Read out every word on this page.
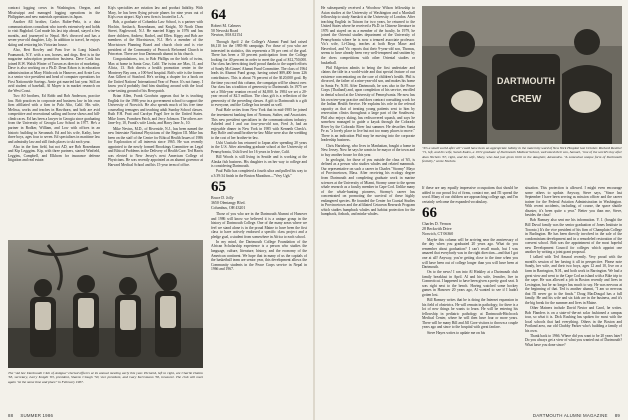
contract logging crews in Washington, Oregon, and Mississippi and managed logging operations in the Philippines and new materials operations in Japan.

Another All brother, Carlos Balter-Peña, is a data communications consultant who travels extensively and holds to visit Baghdad. Carl made his last trip abroad, stayed a few months, and journeyed to Nepal. He's divorced and has a seven-year-old daughter, Lily. In addition to travel, he enjoys skiing and restoring his Victorian house.

Also, Bert Rowley and Pam live in Long Island's Paumanok, N.Y. with a son, horses, and dogs. Bert is in the magazine subscription promotion business. Dave Cook has joined R.W. Walsh Winter of Tucson as director of marketing. Dave is also working on a Ph.D. Dean Edson is in education administration at Mary Hitchcock in Hanover, and Arnie Low is a senior vice president and head of computer operations for First Nationwide Savings. Arnie got married last year. Still an avid student of baseball, Al Mayer is in market research on the West Coast.

Two A0 brothers, Ed Robb and Bob Anderson, practice law. Bob practices in corporate and business law in his own firm affiliated with a firm in Palo Alto, Calif. His wife, Melissa, works and teaches in Hawthorn, and both are avid competitive and recreational sailing and horse shows and hill-climb races. Ed has been a lawyer in Georgia since graduating from the University of Georgia Law School in 1977. He's a partner in Bodker, William, and Low with offices in an historic building in Savannah. Ed and his wife, Kathy, have three boys, ages four to seven. Ed specializes in maritime law and admiralty law and still finds places to ski each year.

Also in the firm field, but not AD, are Bob Rosenbaum and Kip Legggins. Kip, with three partners, started Winfield, Leggins, Campbell, and Elkhorn for insurance defense litigation and real estate.

Kip's specialties are aviation law and product liability. With Mary, he has been flying private planes for nine years out of Kip's own airport. Kip's new firm is located in L.A.

Bob, a graduate of Columbia Law School, is a partner with Hochin, Ansbach, Rosenbaum, and Knight, 50 North Dean Street, Englewood, N.J. He married Kippy in 1976 and has three children, Andrew, Rachel, and Ellen. Kippy and Bob are members of the Morristown, N.J. He's a member of the Morristown Planning Board and church choir and is vice president of the Community of Peacock Reformed Church in Princeton. There are four Dartmouth alumni in his church.

Congratulations, too, to Bob Phillips on the birth of twins, Max at home in Santa Cruz, Calif. The twins are Max, 11, and Alicia, 13. Bob directs a health promotion center in the Monterey Bay area, a 100-bed hospital. Bob's wife is the former Ann Gilbert of Stanford. He's writing a chapter for a book on the United Nations' International Year of Peace. It's not funny. I know you'd probably find him shuttling around with the local wine-tasting ground of his Berrypatch.

Brian Allen, Frank Goodwin appears that he is teaching English for the 1986 year in a government school to support the University of Norwich. He also spends much of his free time counseling teenagers and teaching adult Sunday School classes. Ruth F.H. Pratt and Carolyn Fogel live in the United States. Mike Jones, Frandsen Patch, and Jerry Johnson. The others are: Jane-Ivy, 10, Frank's wife Linda, and Harry Jane Jr., 10.

Mike Nevins, M.D., of Riverside, N.J., has been named the new Interstate National Physicians of the Region III. Mike has been on the staff of the Centre for Ethical Health Issues of 1986 for Exploration of all interests since 1965. He was recently appointed to the newly formed Brookings Committee on Legal and Ethical Problems in the Delivery of Health Care. Ted Harris was elected to New Jersey's next American College of Physicians. He was recently appointed as an alumni governor at Harvard Medical School and his 15-year term of office.

The "Ad hoc Dartmouth Club of Antigua" elected officers at its annual meeting early this year. Pictured, left to right, are Charlie Dutton '63, secretary, Larry Knight '63, president, Sharon Clough '50, vice president, and Gary Kerrsmann '58, treasurer. The club will meet again "at the same time and place" in February 1987.
64
Robert M. Calmers
50 Nevoski Road
Newton, MA 02154

Through April 2 the College's Alumni Fund had raised $6,110 for the 1985-86 campaign. For those of you who are interested in statistics, this represents a 56 per cent of the goal. There has been a 30 percent participation from the College looking for 40 percent in order to meet the goal of $12,750,000. Our class has been doing itself proud thanks to the superb efforts of Sandy McGinnes' Alumni Fund Committee. The class of 1964 leads its Alumni Fund group, having raised $89,400 from 226 contributors. This is about 76 percent of the $120,000 goal. By the time you read this column, the campaign will be almost over. Our class has a tradition of generosity to Dartmouth. In 1975 we set a 50th-year reunion record of $4,800. In 1984 we set a 20-year record of $2.5 million. The class gift is a reflection of the generosity of the preceding classes. A gift to Dartmouth is a gift to everyone, and the College has treated us well.

Paul Hale writes from New York that in mid-1985 he joined the investment banking firm of Nomura, Suther, and Associates. This new president specializes in the communications industry. Asheled and I and our four-year-old son, Fred Jr, had an enjoyable dinner in New York in 1985 with Kenneth Check's. Ray Rolfe and small brother-in-law Mike were also the wedding to the cost of her brother-in-law.

Ushi Uusitalo has returned to Japan after spending 20 years in the U.S. After attending graduate school at the University of Pennsylvania, Ushi lived for 16 years in Irvine, Calif.

Bill Woods is still living in Seattle and is working at the Alaska fish business. His daughter is on her way to college and is considering Dartmouth.

Paul Pullo has completed a fourth ultra and pulled his way to a 3:39:34 finish in the Boston Marathon—"Very Ugh."

65
Bruce D. Jolly
3650 Olentangy Blvd.
Columbus, OH 43201

Those of you who are in the Dartmouth Alumni of Hanover and 1986 will know we believed it is a unique group in the history of Dartmouth College. One of the many areas where we feel we stand alone is in the proud Maine to have been the first class to have actively endorsed a specific class project and a pledge goal, a student from somewhere in Africa to each school.

In my mind, the Dartmouth College Foundation of the African Scholarship experience is a person who studies the language, culture, literature, history, and the economy of the American continent. We hope that in many of us the capitals of the basketball team are senior year, this development allows the Community students in the Peace Corps service in Nepal in 1966 and 1967.

88 SUMMER 1986

He subsequently received a Woodrow Wilson fellowship to Asian studies at the University of Washington and a Marshall fellowship to study Sanskrit at the University of London. After teaching English in Taiwan for two years, he returned to the United States where he received a Ph.D. in Chinese literature in 1976 and stayed on as a member of the faculty. In 1979, he joined the Oriental studies department of the University of Pennsylvania where he is now a tenured associate professor. Vic's wife, Li-Ching, teaches at both Bryn Mawr and Haverford, and Vic reports that their 9-year-old son, Thomas, seems to have already been very well-tempered and smitten by the chess competitions with other Oriental studies or basketball.

Phil Edgerton admits to being the first undertaker and claims the title in a world-wide and that special feature of our existence concentrating on the care of children's health. Phil is divorced, the father of a nine-year-old son, and makes his home in Santa Fe, N.M. After Dartmouth, he was also in the Peace Corps (Thailand) and, upon completion of his service, enrolled in dental school at the University of Pennsylvania. He now has his own ten-year practice and does contract consulting work for the Indian Health Service. He explains his role in the referral capacity as that of treating young patients sent to him by reservation clinics throughout a large part of the Southwest. Phil also enjoys skiing, has rediscovered squash, and says he somehow managed to guide a kayak through the Colorado River by the Colorado River last summer. He describes Santa Fe as "a lovely place to live but not too many places to move." There is an indication Phil may be moving into the corporate leadership business.

Chris Hartzberg, who lives in Manhattan, bought a home in New Jersey. Now he says he wants to be mayor of the town and to buy another house for this year.

In geologist, for those of you outside the class of '65, is defined as a person who studies whales and related mammals. Our representative on such a career in Charles "Stormy" Mayo of Provincetown, Mass. After receiving his ecology degree from Dartmouth and completing graduate work in marine sciences at the University of Miami, Stormy came to the sperm whale research as a faculty member in Cape Cod. Unlike many of the whale-hunting pioneers, Stormy's career has concentrated on promoting the survival of these highly endangered species. He founded the Center for Coastal Studies in Provincetown and the affiliated Cetacean Research Program which studies humpback whales and habitat protection for the humpback, finback, and minke whales.

DARTMOUTH
CREW
"It's a small world after all" could have been an appropriate lullaby in the maternity ward of New York Hospital last October. Richard Reuther '71, left, and his wife, Sarah Kalen, a 1972 graduate of Dartmouth Medical School, welcomed their son, Samuel, "one of the world's boy after Alan Nichols '67, right, and his wife, Mary, who had just given birth to the daughter, Alexandra. "A somewhat unique form of Dartmouth festivity," wrote Nichols.

If these are any equally impressive occupations that should be added to our proud list of firms, contact me, and I'll spread the word. Many of our children are approaching college age, and I'm certainly welcome the expanded vocabulary.

66
Charles D. Vernon
28 Beckwith Drive
Norwich, CT 06360

Maybe this column will be arriving near the anniversary of the day when you graduated 20 years ago. What do you remember about graduation? I can't recall much, but I was amazed that everybody was in the right direction—and that I got one at all! Anyway, you're getting close to the time when you will have been out of college longer than you will have been at Dartmouth.

On to the news! I ran into Al Hinkley at a Dartmouth club family breakfast in April. Al and his wife, Jennifer, live in Connecticut. I happened to have been given a pretty good seat. It was right next to the bench. Having watched some hockey games in Hanover 20 years ago, Al wanted to see if I hadn't gotten lost.

Bill Ramsey writes that he is doing the Internet expansion in his field of obstetrics. He will remain in pathology; for there is a lot of new things he wants to learn. He will be entering his fellowship in pediatric pathology at Dartmouth-Hitchcock Medical Center, where he will then have four or more years. There will be many Bill and Jill Gore visitors to thrown a couple years ago and since to the hospital with great fanfare.

Steve Hayes writes to update me on his

situation. This protection is allowed. I might even encourage some others to update. Anyway, Steve says, "Since last September I have been serving as mission officer and the career trainer for the Federal Aviation Administration in Washington. With recent accidents, including, of course, the space shuttle disaster, it's been quite a year." Better you than me, Steve, besides the class!

Bob Ramsey also sent me his information. Y. J. (bought the Bill Duval family was the senior graduation of Jones Institute in Toronto.) It's the vice president of his firm of Champlain College in Burlington. He has been directly involved in the sale of the condominium development and in a remodeled restoration of the convent school. Bob was the appointment of the most hopeful new Development Council for colleges which appoint one another by writing a joint grant proposal.

I talked with Ted Amaral recently. Very proud with the month's session of her having it all in perspective. Please note Sandy, her wife, and their two boys, ages 12 and 10, live on a farm in Barrington, N.H., and both work in Barrington. We had a great view and went to the Cape Cod an island with a Bike trip to the cape. He was allowed a job in Boston recently and lives in Lexington, but he no longer has much to say. He was nervous at the beginning of that. Ted is another alumni, "I am so nervous that I'll never go to the finals." Doug MacDougal has a full family. He and his wife and six kids are in the business, and it's the big break for the summer and lives in Maine.

Other Mainers include David Nestor and Carol, he writes. Bob Flanders is on a state-of-the-art solar fashioned a campus tour, so what it is. Dick Rushing has spoken for most with the local schools that had everything. Others in the Boston and Portland area, our old Chubby Parker who's building a family of his own.

Thank back to 1966. Where did you want to be 20 years later? Do you always get a view of what you wanted out of Dartmouth? What have you done since?

DARTMOUTH ALUMNI MAGAZINE 89
